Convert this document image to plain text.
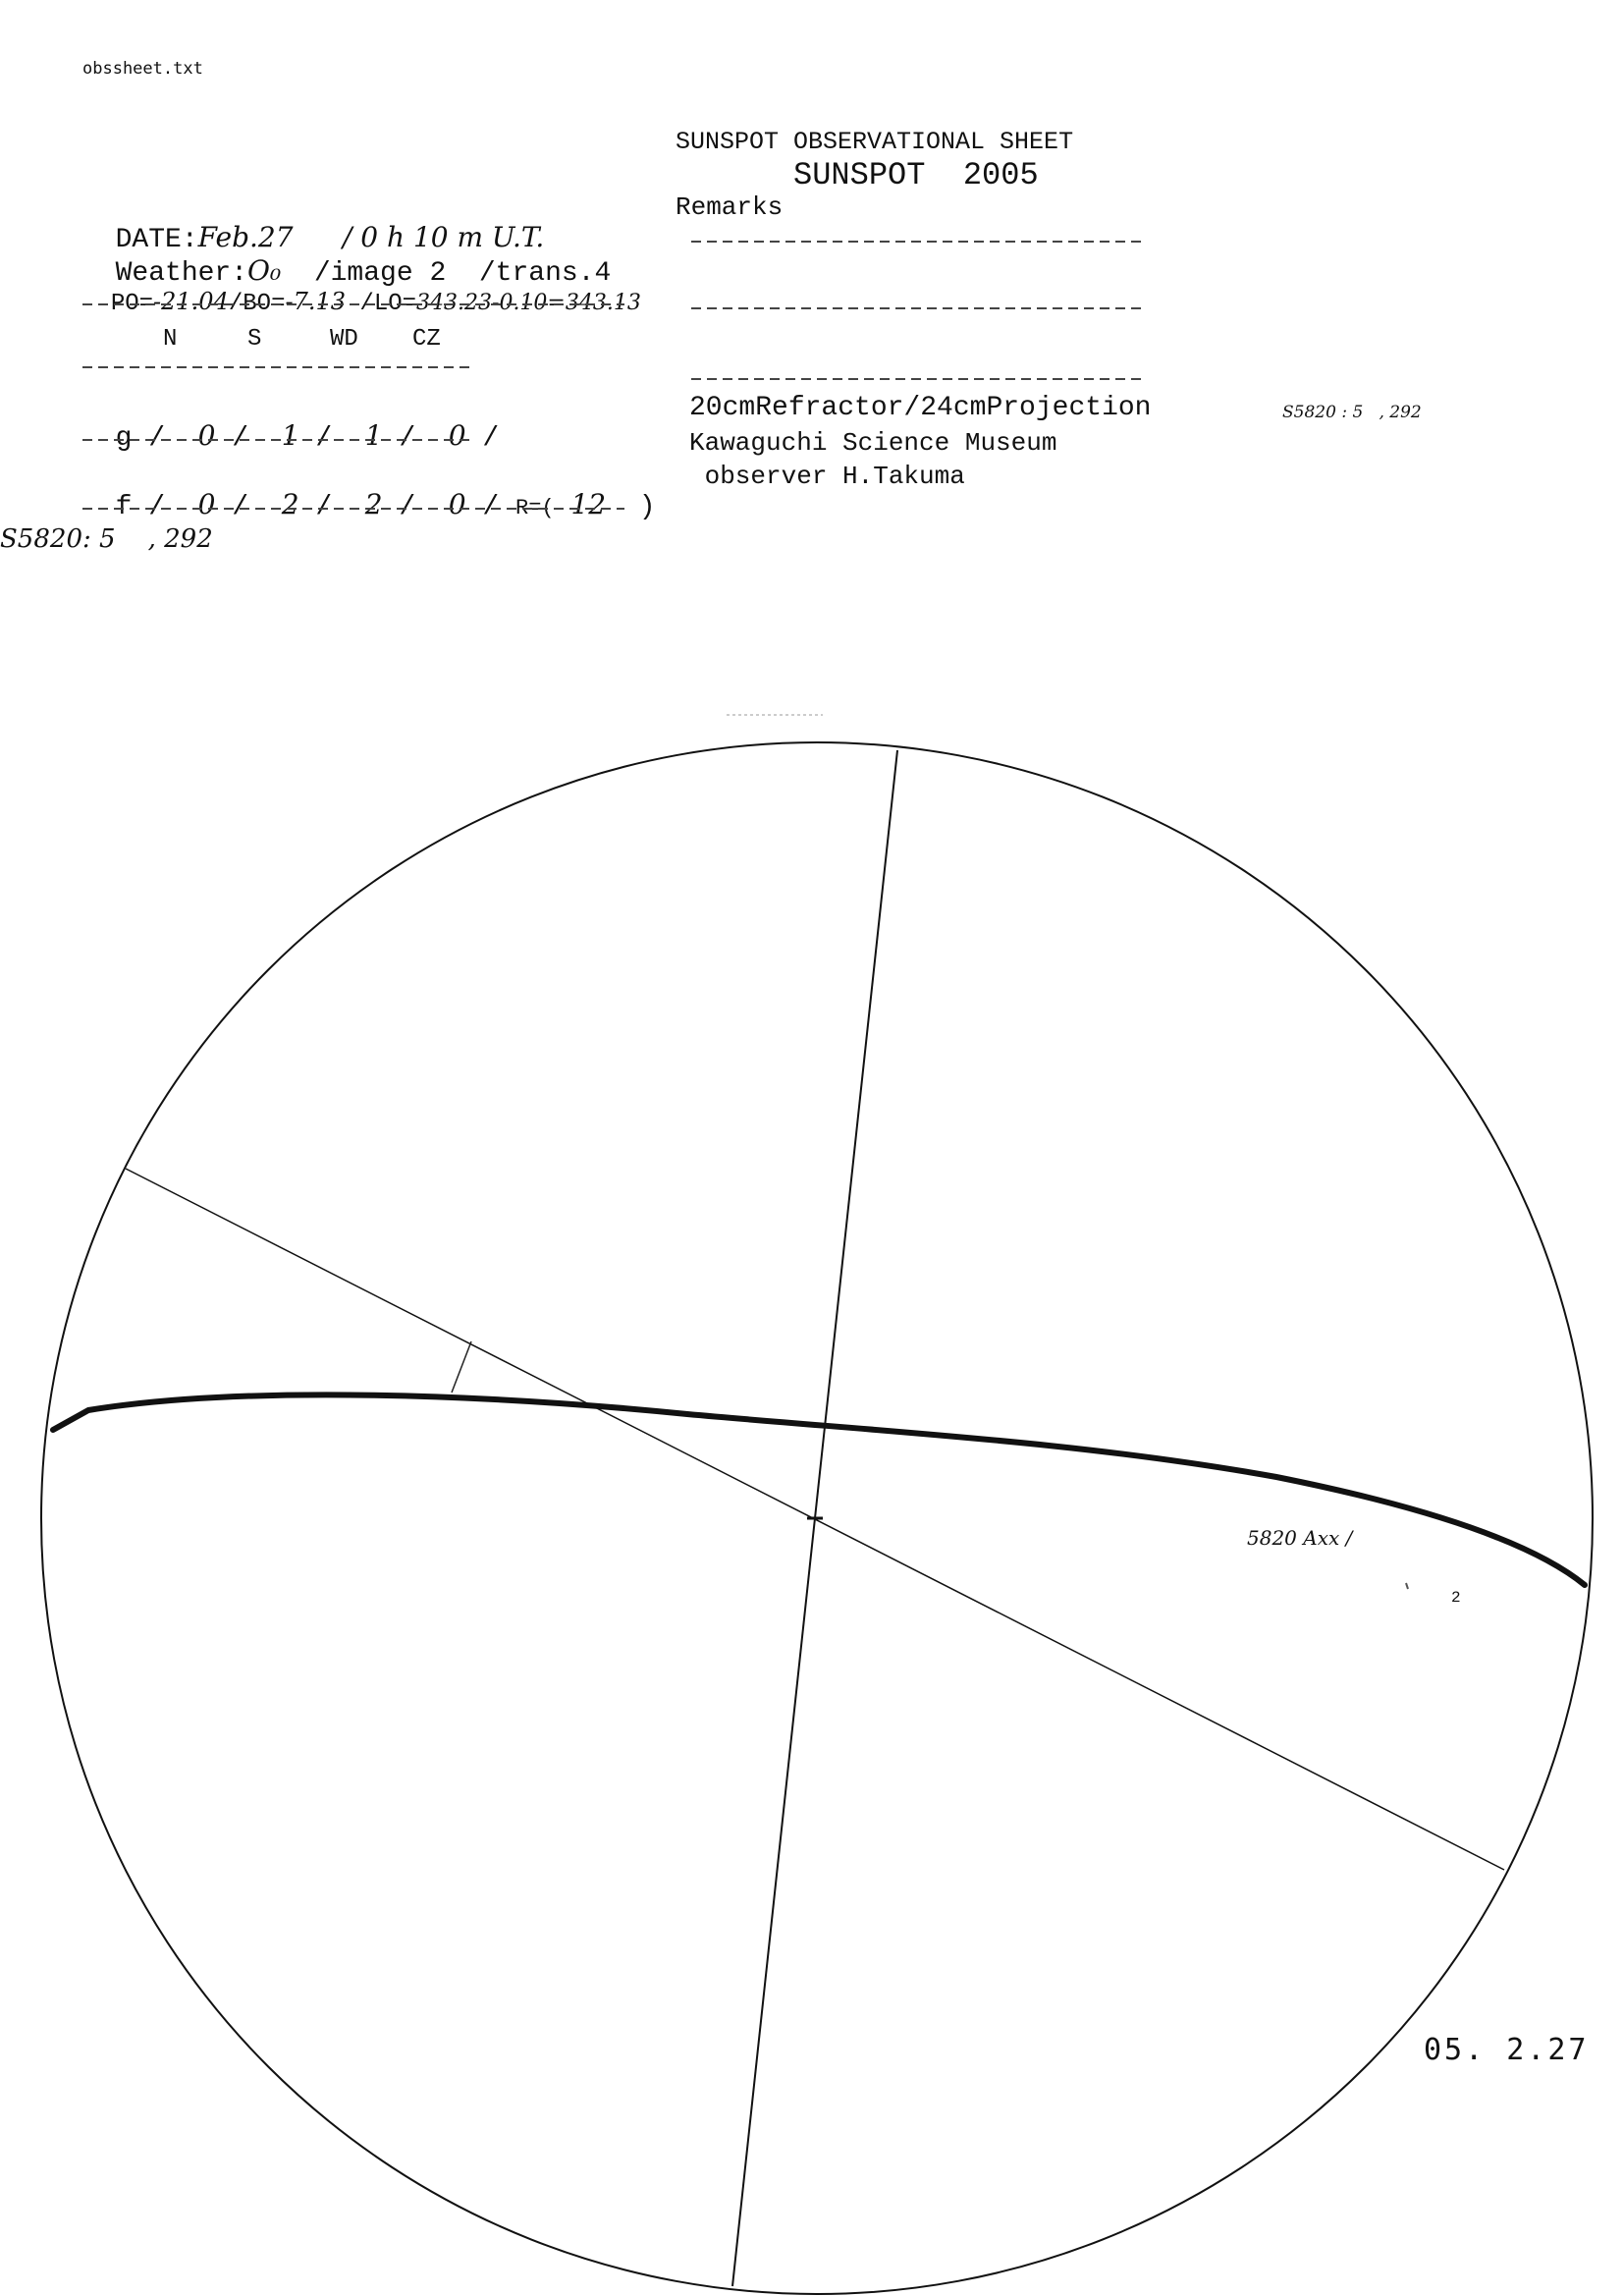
obssheet.txt
SUNSPOT OBSERVATIONAL SHEET
SUNSPOT  2005
Remarks

DATE:Feb.27 / 0 h 10 m U.T.

Weather:O₀ /image 2 /trans.4

PO=-21.04/BO=-7.13 /LO=343.23-0.10=343.13

N	S	WD CZ

g /  0 /  1 /  1 /  0 /

f /  0 /  2 /  2 /  0 / R=( 12 )

S5820: 5    , 292
20cmRefractor/24cmProjection
Kawaguchi Science Museum
observer H.Takuma
S5820 : 5   , 292
5820 Axx /
2
05. 2.27
